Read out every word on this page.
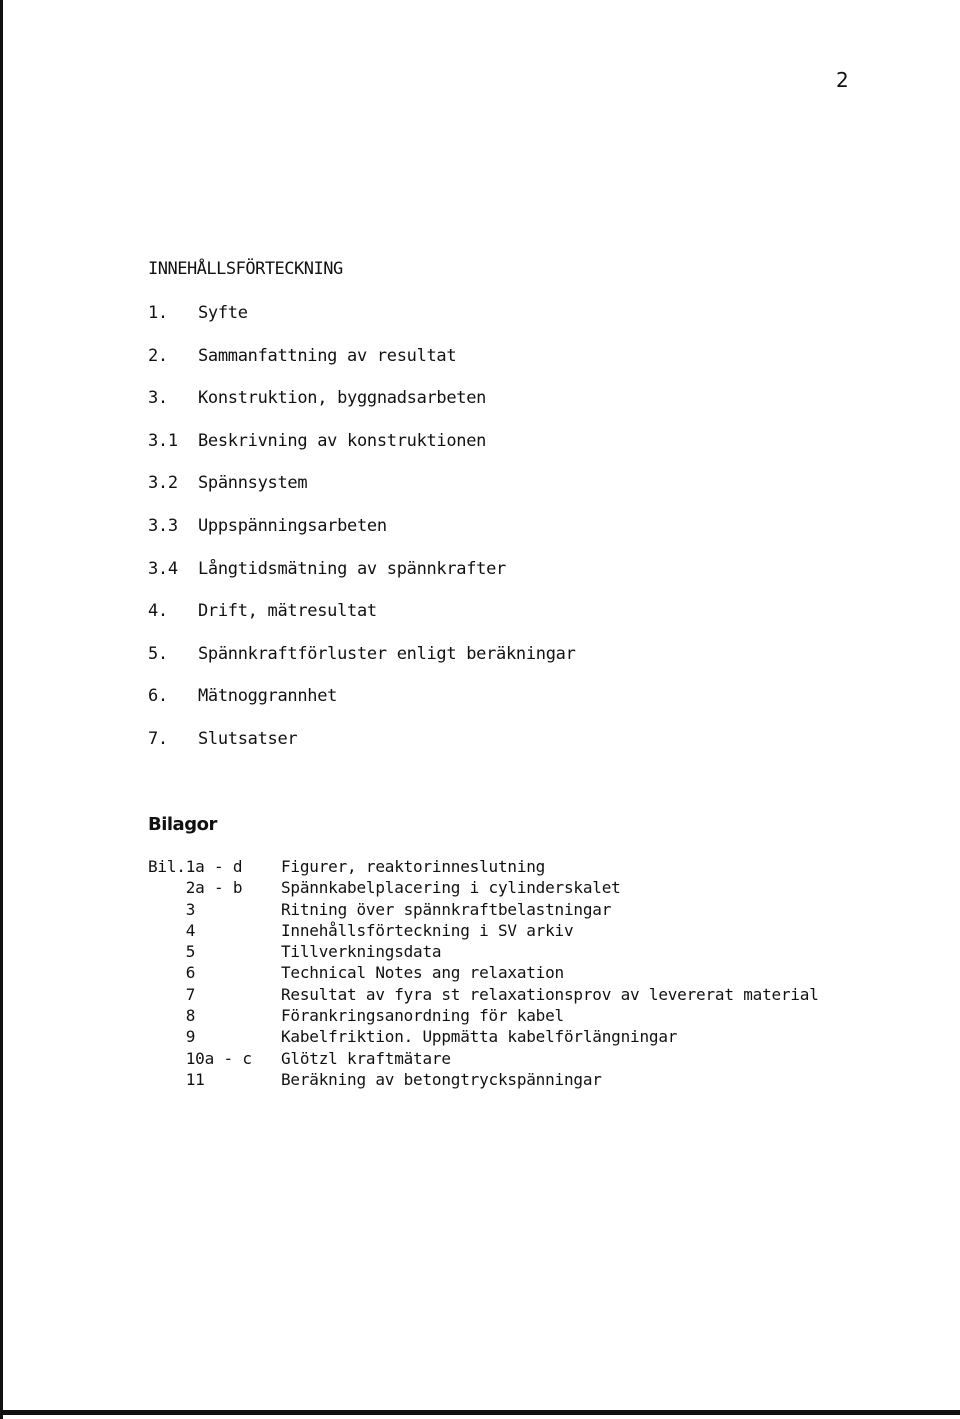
2
INNEHÅLLSFÖRTECKNING
1.	Syfte
2.	Sammanfattning av resultat
3.	Konstruktion, byggnadsarbeten
3.1	Beskrivning av konstruktionen
3.2	Spännsystem
3.3	Uppspänningsarbeten
3.4	Långtidsmätning av spännkrafter
4.	Drift, mätresultat
5.	Spännkraftförluster enligt beräkningar
6.	Mätnoggrannhet
7.	Slutsatser
Bilagor
Bil.1a - d	Figurer, reaktorinneslutning
2a - b	Spännkabelplacering i cylinderskalet
3	Ritning över spännkraftbelastningar
4	Innehållsförteckning i SV arkiv
5	Tillverkningsdata
6	Technical Notes ang relaxation
7	Resultat av fyra st relaxationsprov av levererat material
8	Förankringsanordning för kabel
9	Kabelfriktion. Uppmätta kabelförlängningar
10a - c	Glötzl kraftmätare
11	Beräkning av betongtryckspänningar
